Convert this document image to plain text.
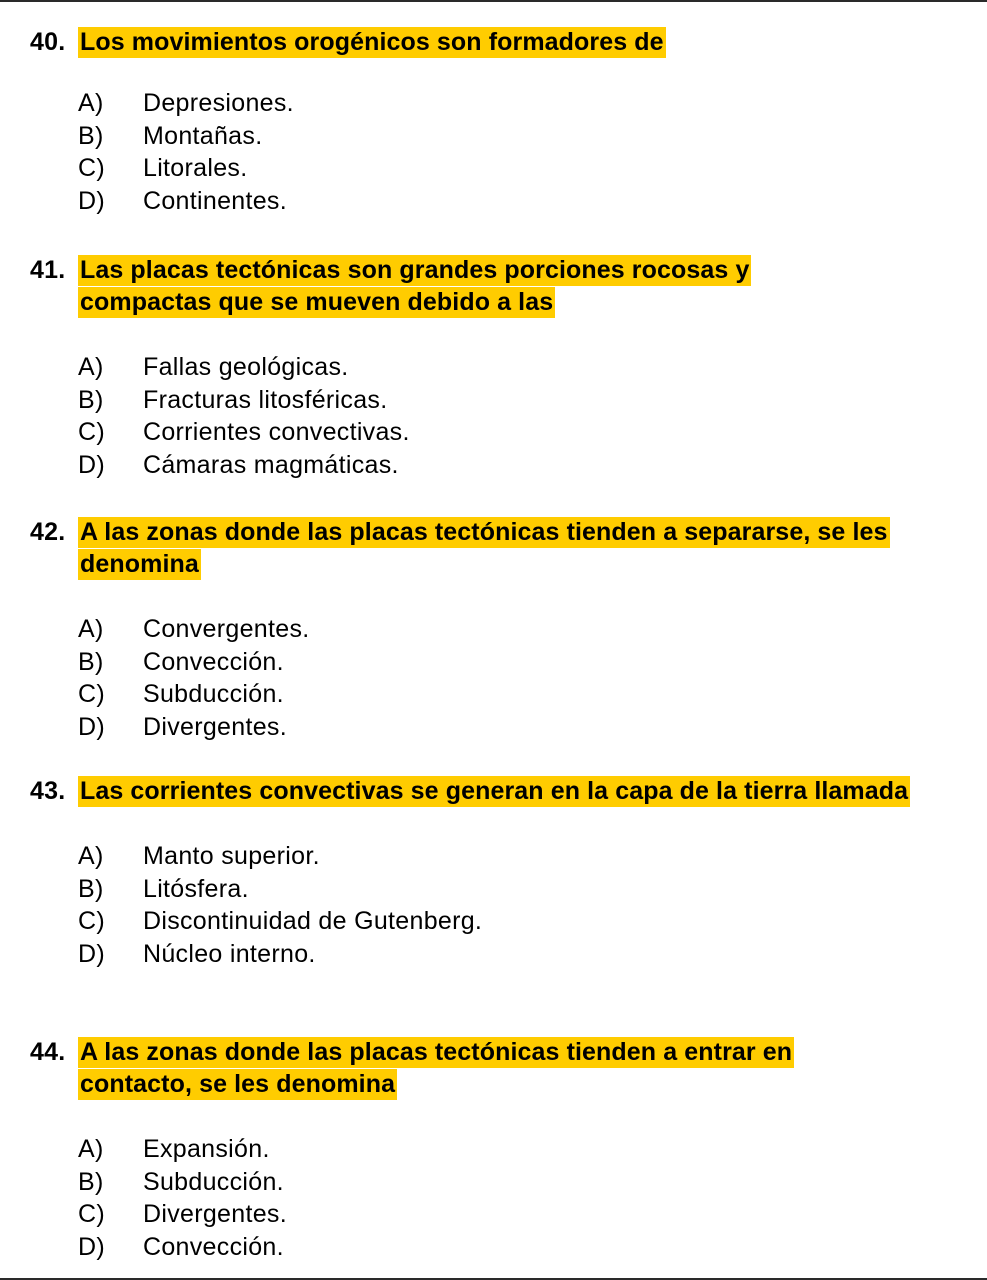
40. Los movimientos orogénicos son formadores de
A)	Depresiones.
B)	Montañas.
C)	Litorales.
D)	Continentes.
41. Las placas tectónicas son grandes porciones rocosas y compactas que se mueven debido a las
A)	Fallas geológicas.
B)	Fracturas litosféricas.
C)	Corrientes convectivas.
D)	Cámaras magmáticas.
42. A las zonas donde las placas tectónicas tienden a separarse, se les denomina
A)	Convergentes.
B)	Convección.
C)	Subducción.
D)	Divergentes.
43. Las corrientes convectivas se generan en la capa de la tierra llamada
A)	Manto superior.
B)	Litósfera.
C)	Discontinuidad de Gutenberg.
D)	Núcleo interno.
44. A las zonas donde las placas tectónicas tienden a entrar en contacto, se les denomina
A)	Expansión.
B)	Subducción.
C)	Divergentes.
D)	Convección.
